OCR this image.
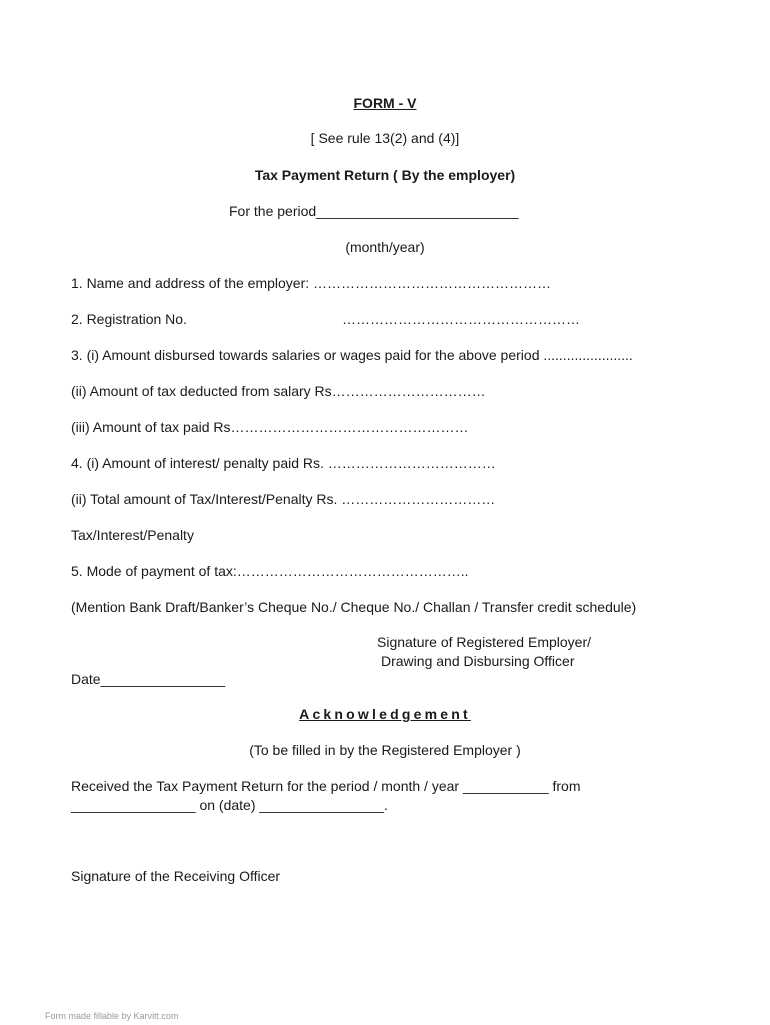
FORM - V
[ See rule 13(2) and (4)]
Tax Payment Return ( By the employer)
For the period__________________________
(month/year)
1. Name and address of the employer: ……………………………………………
2. Registration No.	……………………………………………
3. (i) Amount disbursed towards salaries or wages paid for the above period .......................
(ii) Amount of tax deducted from salary Rs……………………………
(iii) Amount of tax paid Rs……………………………………………
4. (i) Amount of interest/ penalty paid Rs. ………………………………
(ii) Total amount of Tax/Interest/Penalty Rs. ……………………………
Tax/Interest/Penalty
5. Mode of payment of tax:…………………………………………..
(Mention Bank Draft/Banker’s Cheque No./ Cheque No./ Challan / Transfer credit schedule)
Signature of Registered Employer/
Drawing and Disbursing Officer
Date________________
Acknowledgement
(To be filled in by the Registered Employer )
Received the Tax Payment Return for the period / month / year ___________ from
________________ on (date) ________________.
Signature of the Receiving Officer
Form made fillable by Karvitt.com
